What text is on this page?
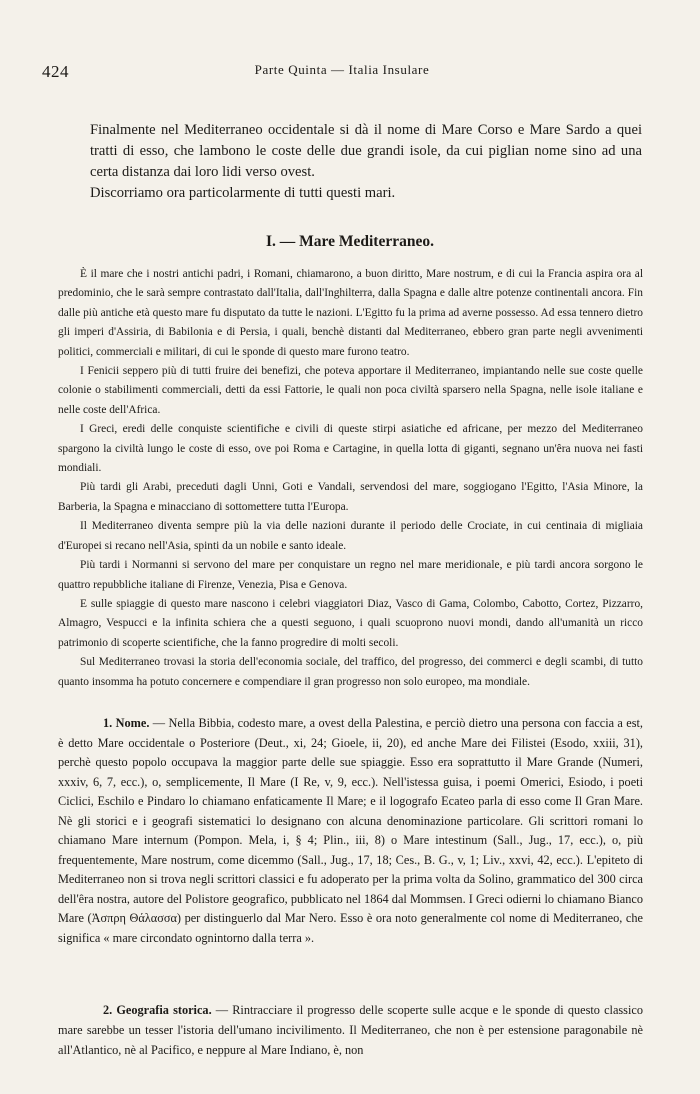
424	Parte Quinta — Italia Insulare

Finalmente nel Mediterraneo occidentale si dà il nome di Mare Corso e Mare Sardo a quei tratti di esso, che lambono le coste delle due grandi isole, da cui piglian nome sino ad una certa distanza dai loro lidi verso ovest.

Discorriamo ora particolarmente di tutti questi mari.

I. — Mare Mediterraneo.

È il mare che i nostri antichi padri, i Romani, chiamarono, a buon diritto, Mare nostrum, e di cui la Francia aspira ora al predominio, che le sarà sempre contrastato dall'Italia, dall'Inghilterra, dalla Spagna e dalle altre potenze continentali ancora. Fin dalle più antiche età questo mare fu disputato da tutte le nazioni. L'Egitto fu la prima ad averne possesso. Ad essa tennero dietro gli imperi d'Assiria, di Babilonia e di Persia, i quali, benchè distanti dal Mediterraneo, ebbero gran parte negli avvenimenti politici, commerciali e militari, di cui le sponde di questo mare furono teatro.

I Fenicii seppero più di tutti fruire dei benefizi, che poteva apportare il Mediterraneo, impiantando nelle sue coste quelle colonie o stabilimenti commerciali, detti da essi Fattorie, le quali non poca civiltà sparsero nella Spagna, nelle isole italiane e nelle coste dell'Africa.

I Greci, eredi delle conquiste scientifiche e civili di queste stirpi asiatiche ed africane, per mezzo del Mediterraneo spargono la civiltà lungo le coste di esso, ove poi Roma e Cartagine, in quella lotta di giganti, segnano un'êra nuova nei fasti mondiali.

Più tardi gli Arabi, preceduti dagli Unni, Goti e Vandali, servendosi del mare, soggiogano l'Egitto, l'Asia Minore, la Barberia, la Spagna e minacciano di sottomettere tutta l'Europa.

Il Mediterraneo diventa sempre più la via delle nazioni durante il periodo delle Crociate, in cui centinaia di migliaia d'Europei si recano nell'Asia, spinti da un nobile e santo ideale.

Più tardi i Normanni si servono del mare per conquistare un regno nel mare meridionale, e più tardi ancora sorgono le quattro repubbliche italiane di Firenze, Venezia, Pisa e Genova.

E sulle spiaggie di questo mare nascono i celebri viaggiatori Diaz, Vasco di Gama, Colombo, Cabotto, Cortez, Pizzarro, Almagro, Vespucci e la infinita schiera che a questi seguono, i quali scuoprono nuovi mondi, dando all'umanità un ricco patrimonio di scoperte scientifiche, che la fanno progredire di molti secoli.

Sul Mediterraneo trovasi la storia dell'economia sociale, del traffico, del progresso, dei commerci e degli scambi, di tutto quanto insomma ha potuto concernere e compendiare il gran progresso non solo europeo, ma mondiale.

1. Nome. — Nella Bibbia, codesto mare, a ovest della Palestina, e perciò dietro una persona con faccia a est, è detto Mare occidentale o Posteriore (Deut., xi, 24; Gioele, ii, 20), ed anche Mare dei Filistei (Esodo, xxiii, 31), perchè questo popolo occupava la maggior parte delle sue spiaggie. Esso era soprattutto il Mare Grande (Numeri, xxxiv, 6, 7, ecc.), o, semplicemente, Il Mare (I Re, v, 9, ecc.). Nell'istessa guisa, i poemi Omerici, Esiodo, i poeti Ciclici, Eschilo e Pindaro lo chiamano enfaticamente Il Mare; e il logografo Ecateo parla di esso come Il Gran Mare. Nè gli storici e i geografi sistematici lo designano con alcuna denominazione particolare. Gli scrittori romani lo chiamano Mare internum (Pompon. Mela, i, § 4; Plin., iii, 8) o Mare intestinum (Sall., Jug., 17, ecc.), o, più frequentemente, Mare nostrum, come dicemmo (Sall., Jug., 17, 18; Ces., B. G., v, 1; Liv., xxvi, 42, ecc.). L'epiteto di Mediterraneo non si trova negli scrittori classici e fu adoperato per la prima volta da Solino, grammatico del 300 circa dell'êra nostra, autore del Polistore geografico, pubblicato nel 1864 dal Mommsen. I Greci odierni lo chiamano Bianco Mare (Ἀσπρη Θάλασσα) per distinguerlo dal Mar Nero. Esso è ora noto generalmente col nome di Mediterraneo, che significa « mare circondato ognintorno dalla terra ».

2. Geografia storica. — Rintracciare il progresso delle scoperte sulle acque e le sponde di questo classico mare sarebbe un tesser l'istoria dell'umano incivilimento. Il Mediterraneo, che non è per estensione paragonabile nè all'Atlantico, nè al Pacifico, e neppure al Mare Indiano, è, non
